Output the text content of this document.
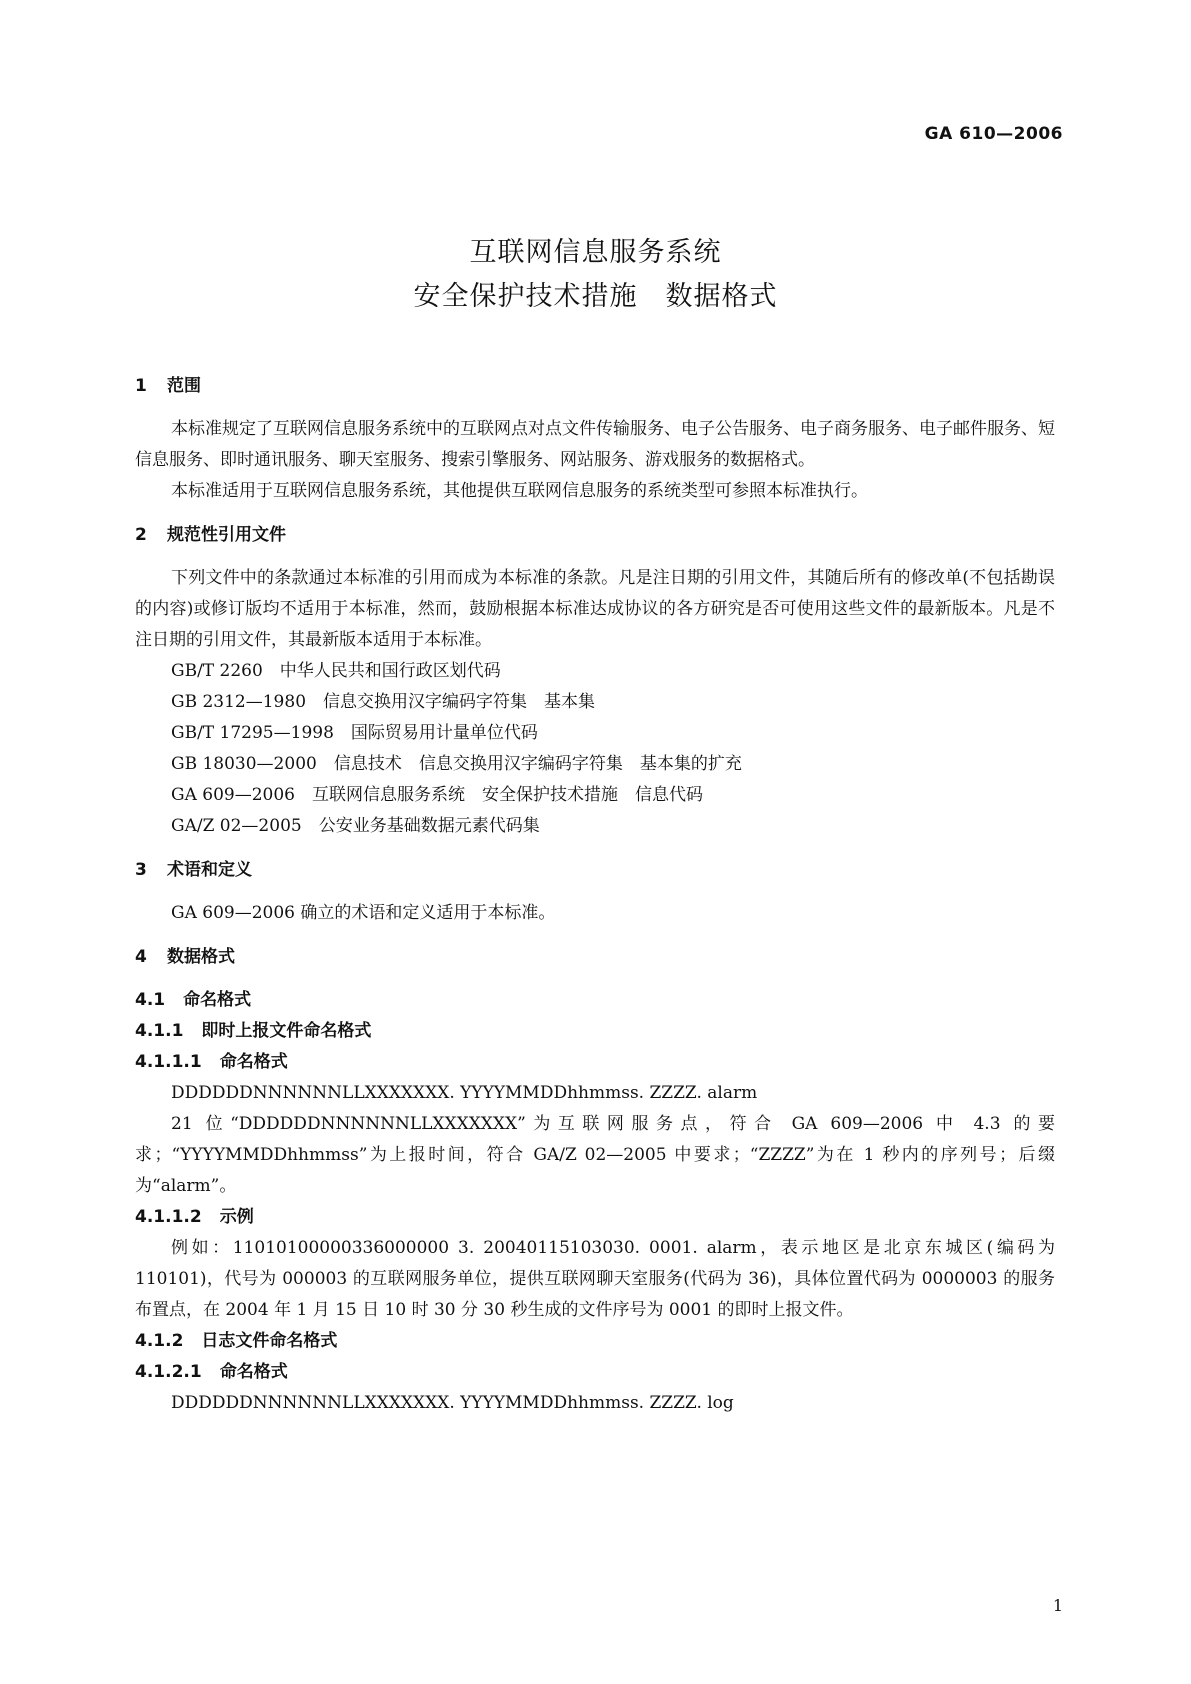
GA 610—2006
互联网信息服务系统
安全保护技术措施　数据格式
1 范围

本标准规定了互联网信息服务系统中的互联网点对点文件传输服务、电子公告服务、电子商务服务、电子邮件服务、短信息服务、即时通讯服务、聊天室服务、搜索引擎服务、网站服务、游戏服务的数据格式。

本标准适用于互联网信息服务系统，其他提供互联网信息服务的系统类型可参照本标准执行。

2 规范性引用文件

下列文件中的条款通过本标准的引用而成为本标准的条款。凡是注日期的引用文件，其随后所有的修改单(不包括勘误的内容)或修订版均不适用于本标准，然而，鼓励根据本标准达成协议的各方研究是否可使用这些文件的最新版本。凡是不注日期的引用文件，其最新版本适用于本标准。

GB/T 2260　中华人民共和国行政区划代码
GB 2312—1980　信息交换用汉字编码字符集　基本集
GB/T 17295—1998　国际贸易用计量单位代码
GB 18030—2000　信息技术　信息交换用汉字编码字符集　基本集的扩充
GA 609—2006　互联网信息服务系统　安全保护技术措施　信息代码
GA/Z 02—2005　公安业务基础数据元素代码集
3 术语和定义

GA 609—2006 确立的术语和定义适用于本标准。

4 数据格式
4.1 命名格式
4.1.1 即时上报文件命名格式
4.1.1.1 命名格式
DDDDDDNNNNNNLLXXXXXXX. YYYYMMDDhhmmss. ZZZZ. alarm

21 位“DDDDDDNNNNNNLLXXXXXXX”为互联网服务点，符合 GA 609—2006 中 4.3 的要求；“YYYYMMDDhhmmss”为上报时间，符合 GA/Z 02—2005 中要求；“ZZZZ”为在 1 秒内的序列号；后缀为“alarm”。

4.1.1.2 示例

例如：11010100000336000000 3. 20040115103030. 0001. alarm，表示地区是北京东城区(编码为 110101)，代号为 000003 的互联网服务单位，提供互联网聊天室服务(代码为 36)，具体位置代码为 0000003 的服务布置点，在 2004 年 1 月 15 日 10 时 30 分 30 秒生成的文件序号为 0001 的即时上报文件。

4.1.2 日志文件命名格式
4.1.2.1 命名格式
DDDDDDNNNNNNLLXXXXXXX. YYYYMMDDhhmmss. ZZZZ. log
1
